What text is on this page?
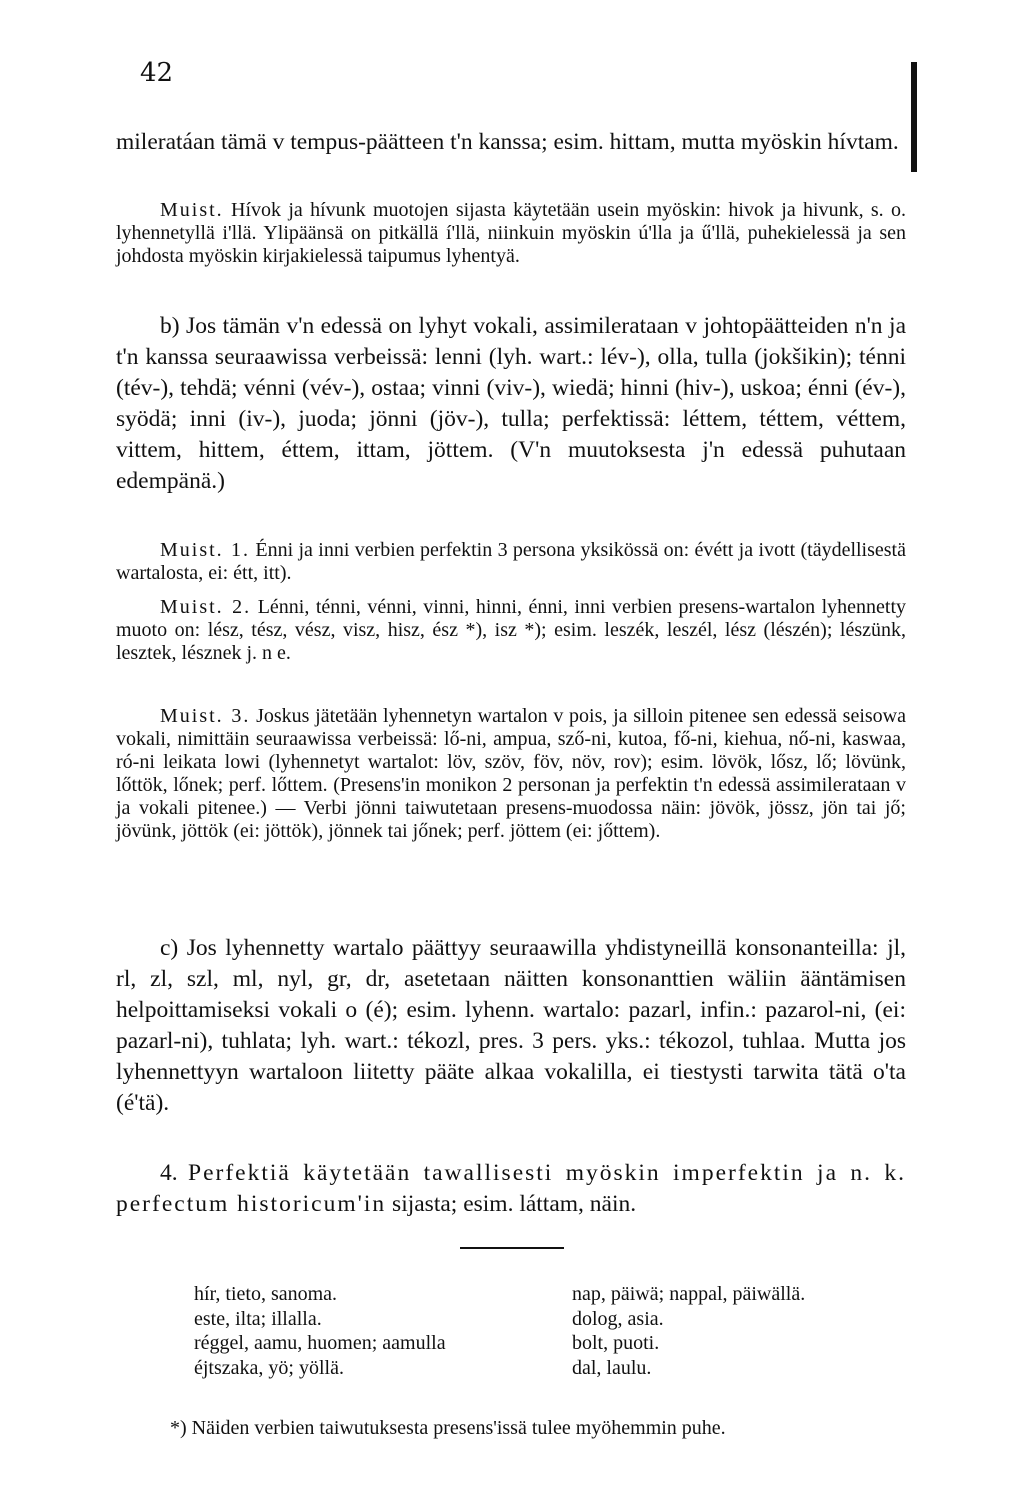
42

mileratáan tämä v tempus-päätteen t'n kanssa; esim. hittam, mutta myöskin hívtam.

Muist. Hívok ja hívunk muotojen sijasta käytetään usein myöskin: hivok ja hivunk, s. o. lyhennetyllä i'llä. Ylipäänsä on pitkällä í'llä, niinkuin myöskin ú'lla ja ű'llä, puhekielessä ja sen johdosta myöskin kirjakielessä taipumus lyhentyä.

b) Jos tämän v'n edessä on lyhyt vokali, assimilerataan v johtopäätteiden n'n ja t'n kanssa seuraawissa verbeissä: lenni (lyh. wart.: lév-), olla, tulla (jokšikin); ténni (tév-), tehdä; vénni (vév-), ostaa; vinni (viv-), wiedä; hinni (hiv-), uskoa; énni (év-), syödä; inni (iv-), juoda; jönni (jöv-), tulla; perfektissä: léttem, téttem, véttem, vittem, hittem, éttem, ittam, jöttem. (V'n muutoksesta j'n edessä puhutaan edempänä.)

Muist. 1. Énni ja inni verbien perfektin 3 persona yksikössä on: évétt ja ivott (täydellisestä wartalosta, ei: étt, itt).

Muist. 2. Lénni, ténni, vénni, vinni, hinni, énni, inni verbien presens-wartalon lyhennetty muoto on: lész, tész, vész, visz, hisz, ész *), isz *); esim. leszék, leszél, lész (lészén); lészünk, lesztek, lésznek j. n e.

Muist. 3. Joskus jätetään lyhennetyn wartalon v pois, ja silloin pitenee sen edessä seisowa vokali, nimittäin seuraawissa verbeissä: lő-ni, ampua, sző-ni, kutoa, fő-ni, kiehua, nő-ni, kaswaa, ró-ni leikata lowi (lyhennetyt wartalot: löv, szöv, föv, növ, rov); esim. lövök, lősz, lő; lövünk, lőttök, lőnek; perf. lőttem. (Presens'in monikon 2 personan ja perfektin t'n edessä assimilerataan v ja vokali pitenee.) — Verbi jönni taiwutetaan presens-muodossa näin: jövök, jössz, jön tai jő; jövünk, jöttök (ei: jöttök), jönnek tai jőnek; perf. jöttem (ei: jőttem).

c) Jos lyhennetty wartalo päättyy seuraawilla yhdistyneillä konsonanteilla: jl, rl, zl, szl, ml, nyl, gr, dr, asetetaan näitten konsonanttien wäliin ääntämisen helpoittamiseksi vokali o (é); esim. lyhenn. wartalo: pazarl, infin.: pazarol-ni, (ei: pazarl-ni), tuhlata; lyh. wart.: tékozl, pres. 3 pers. yks.: tékozol, tuhlaa. Mutta jos lyhennettyyn wartaloon liitetty pääte alkaa vokalilla, ei tiestysti tarwita tätä o'ta (é'tä).

4. Perfektiä käytetään tawallisesti myöskin imperfektin ja n. k. perfectum historicum'in sijasta; esim. láttam, näin.

hír, tieto, sanoma.
este, ilta; illalla.
réggel, aamu, huomen; aamulla
éjtszaka, yö; yöllä.
nap, päiwä; nappal, päiwällä.
dolog, asia.
bolt, puoti.
dal, laulu.
*) Näiden verbien taiwutuksesta presens'issä tulee myöhemmin puhe.
